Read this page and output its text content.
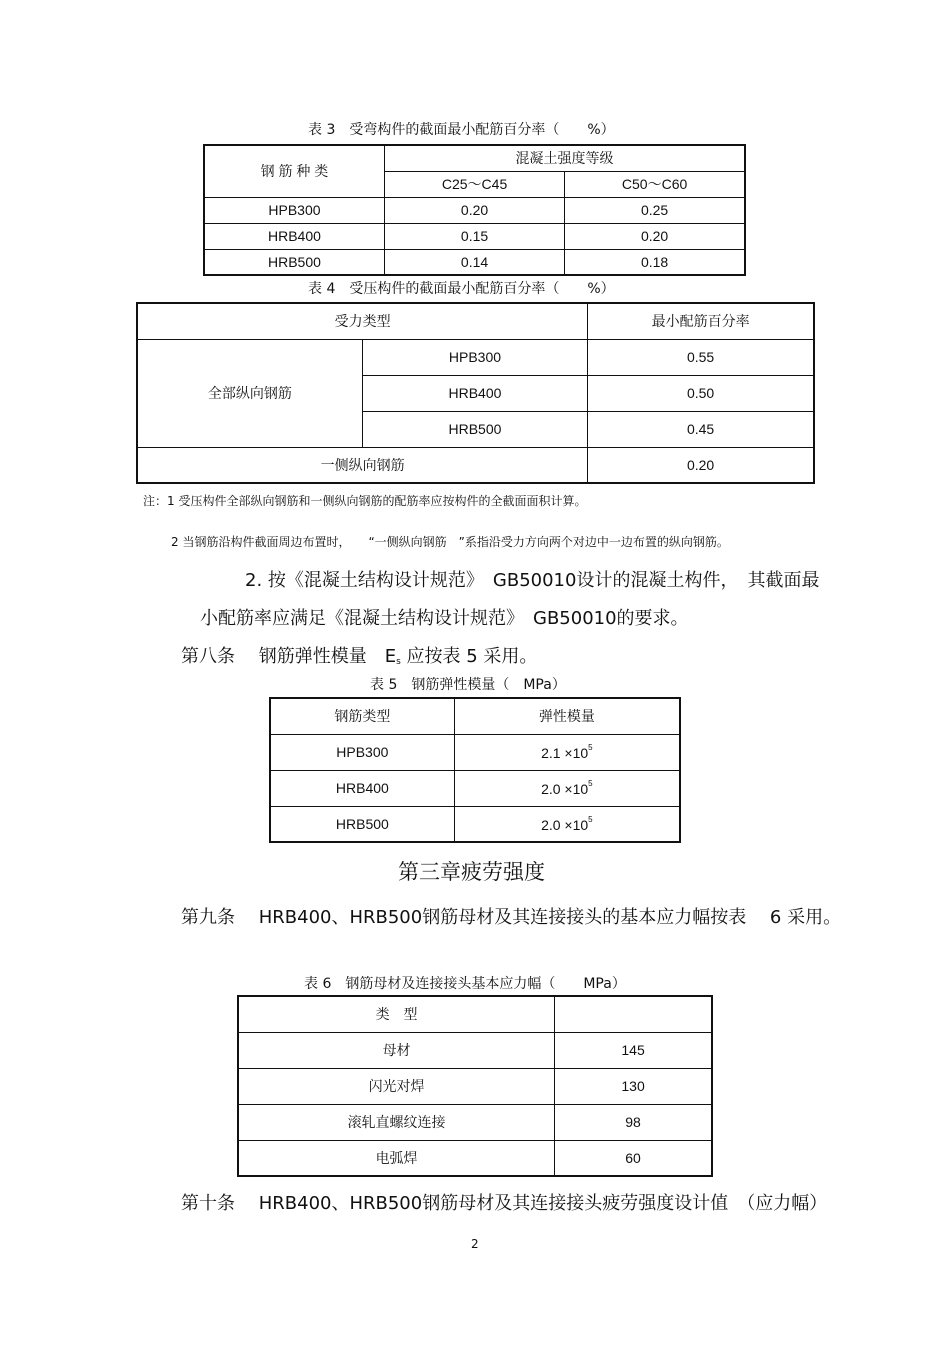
表 3　受弯构件的截面最小配筋百分率（　　%）
钢 筋 种 类	混凝土强度等级	
	C25～C45	C50～C60
HPB300	0.20	0.25
HRB400	0.15	0.20
HRB500	0.14	0.18
表 4　受压构件的截面最小配筋百分率（　　%）
受力类型		最小配筋百分率
全部纵向钢筋	HPB300	0.55
	HRB400	0.50
	HRB500	0.45
一侧纵向钢筋		0.20
注：1 受压构件全部纵向钢筋和一侧纵向钢筋的配筋率应按构件的全截面面积计算。
2 当钢筋沿构件截面周边布置时，　　“一侧纵向钢筋　”系指沿受力方向两个对边中一边布置的纵向钢筋。
2. 按《混凝土结构设计规范》　GB50010设计的混凝土构件，　其截面最
小配筋率应满足《混凝土结构设计规范》　GB50010的要求。
第八条　 钢筋弹性模量　$E_s$ 应按表 5 采用。
表 5　钢筋弹性模量（　MPa）
钢筋类型	弹性模量
HPB300	$2.1 \times 10^5$
HRB400	$2.0 \times 10^5$
HRB500	$2.0 \times 10^5$
第三章疲劳强度
第九条　 HRB400、HRB500钢筋母材及其连接接头的基本应力幅按表　 6 采用。
表 6　钢筋母材及连接接头基本应力幅（　　MPa）
类　型	
母材	145
闪光对焊	130
滚轧直螺纹连接	98
电弧焊	60
第十条　 HRB400、HRB500钢筋母材及其连接接头疲劳强度设计值　（应力幅）
2
